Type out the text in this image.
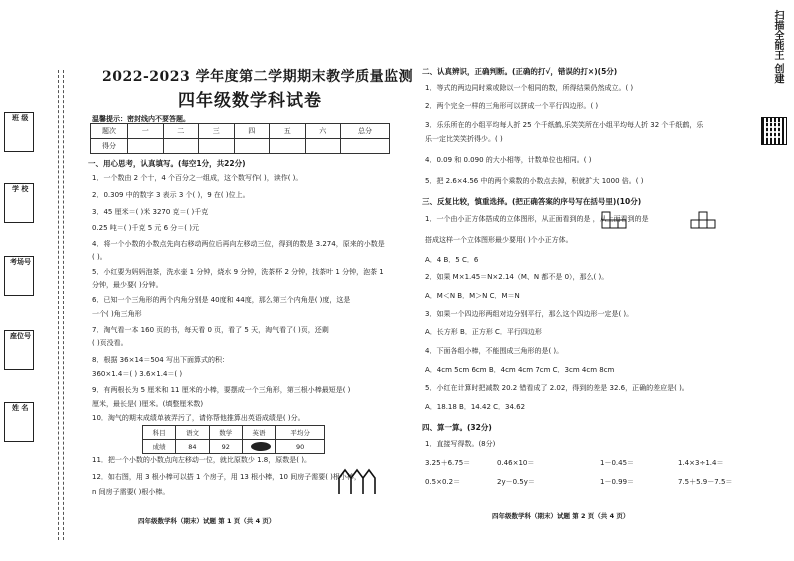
班 级
学 校
考场号
座位号
姓 名
2022-2023 学年度第二学期期末教学质量监测
四年级数学科试卷
温馨提示：密封线内不要答题。
题次	一	二	三	四	五	六	总分
得分							
一、用心思考，认真填写。(每空1分，共22分)
1．一个数由 2 个十，4 个百分之一组成，这个数写作( )，读作( )。
2．0.309 中的数字 3 表示 3 个( )，9 在( )位上。
3．45 厘米＝( )米 3270 克＝( )千克
0.25 吨＝( )千克 5 元 6 分＝( )元
4．将一个小数的小数点先向右移动两位后再向左移动三位，得到的数是 3.274，原来的小数是
( )。
5．小红要为妈妈泡茶，洗水壶 1 分钟，烧水 9 分钟，洗茶杯 2 分钟，找茶叶 1 分钟，泡茶 1
分钟，最少要( )分钟。
6．已知一个三角形的两个内角分别是 40度和 44度，那么第三个内角是( )度，这是
一个( )角三角形
7．淘气看一本 160 页的书，每天看 0 页，看了 5 天，淘气看了( )页，还剩
( )页没看。
8．根据 36×14＝504 写出下面算式的积：
360×1.4＝( ) 3.6×1.4＝( )
9．有两根长为 5 厘米和 11 厘米的小棒，要摆成一个三角形，第三根小棒最短是( )
厘米，最长是( )厘米。(填整厘米数)
10．淘气的期末成绩单被弄污了，请你帮他推算出英语成绩是( )分。
科目	语文	数学	英语	平均分
成绩	84	92		90
11．把一个小数的小数点向左移动一位，就比原数少 1.8，原数是( )。
12．如右图，用 3 根小棒可以搭 1 个房子，用 13 根小棒，10 间房子需要( )根小棒，
n 间房子需要( )根小棒。
四年级数学科（期末）试题 第 1 页（共 4 页）
二、认真辨识，正确判断。(正确的打√，错误的打×)(5分)
1．等式的两边同时乘或除以一个相同的数，所得结果仍然成立。( )
2．两个完全一样的三角形可以拼成一个平行四边形。( )
3．乐乐所在的小组平均每人折 25 个千纸鹤,乐笑笑所在小组平均每人折 32 个千纸鹤，乐
乐一定比笑笑折得少。( )
4．0.09 和 0.090 的大小相等，计数单位也相同。( )
5．把 2.6×4.56 中的两个乘数的小数点去掉，积就扩大 1000 倍。( )
三、反复比较，慎重选择。(把正确答案的序号写在括号里)(10分)
1．一个由小正方体搭成的立体图形，从正面看到的是 ，从上面看到的是
搭成这样一个立体图形最少要用( )个小正方体。
A．4 B．5 C．6
2．如果 M×1.45＝N×2.14（M、N 都不是 0），那么( )。
A．M＜N B．M＞N C．M＝N
3．如果一个四边形两组对边分别平行，那么这个四边形一定是( )。
A．长方形 B．正方形 C．平行四边形
4．下面各组小棒，不能围成三角形的是( )。
A．4cm 5cm 6cm B．4cm 4cm 7cm C．3cm 4cm 8cm
5．小红在计算时把减数 20.2 错看成了 2.02，得到的差是 32.6，正确的差应是( )。
A．18.18 B．14.42 C．34.62
四、算一算。(32分)
1．直接写得数。(8分)
3.25＋6.75＝	0.46×10＝	1－0.45＝	1.4×3÷1.4＝
0.5×0.2＝	2y－0.5y＝	1－0.99＝	7.5＋5.9－7.5＝
四年级数学科（期末）试题 第 2 页（共 4 页）
扫描全能王 创建
